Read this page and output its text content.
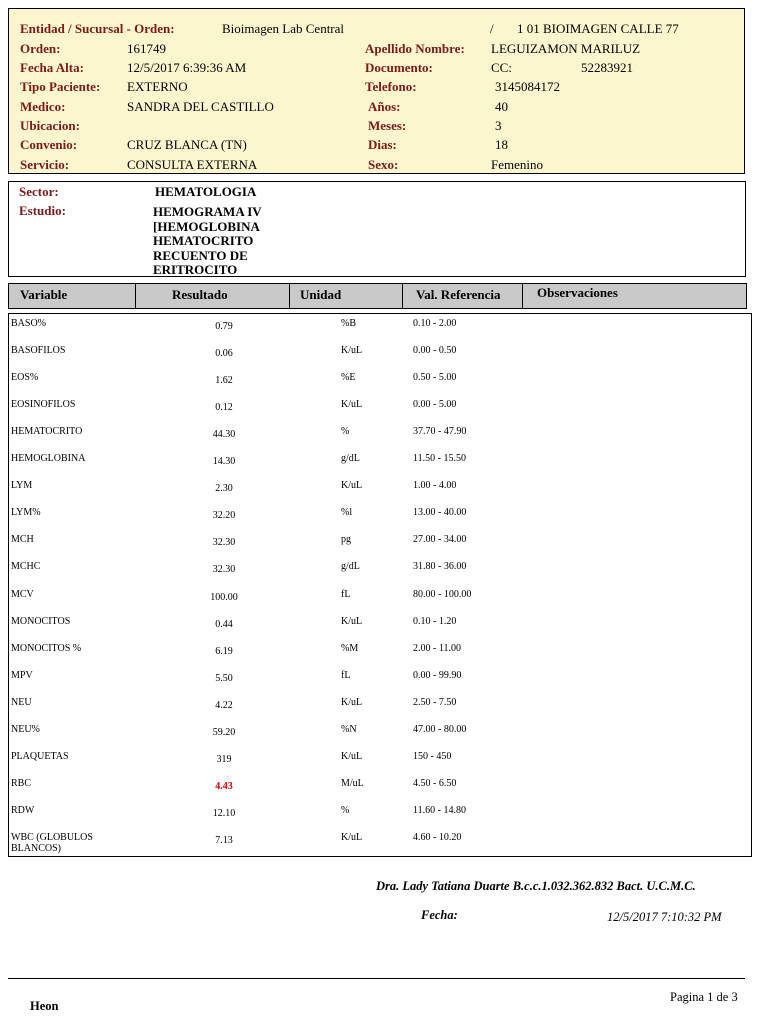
Entidad / Sucursal - Orden:	Bioimagen Lab Central	/ 1 01 BIOIMAGEN CALLE 77
Orden:	161749	Apellido Nombre: LEGUIZAMON MARILUZ
Fecha Alta:	12/5/2017 6:39:36 AM	Documento:	CC:	52283921
Tipo Paciente: EXTERNO	Telefono:	3145084172
Medico:	SANDRA DEL CASTILLO	Años:	40
Ubicacion:	Meses:	3
Convenio:	CRUZ BLANCA (TN)	Dias:	18
Servicio:	CONSULTA EXTERNA	Sexo:	Femenino
Sector:	HEMATOLOGIA
Estudio:	HEMOGRAMA IV
[HEMOGLOBINA
HEMATOCRITO
RECUENTO DE
ERITROCITO
Variable	Resultado	Unidad	Val. Referencia	Observaciones
BASO%	0.79	%B	0.10 - 2.00
BASOFILOS	0.06	K/uL	0.00 - 0.50
EOS%	1.62	%E	0.50 - 5.00
EOSINOFILOS	0.12	K/uL	0.00 - 5.00
HEMATOCRITO	44.30	%	37.70 - 47.90
HEMOGLOBINA	14.30	g/dL	11.50 - 15.50
LYM	2.30	K/uL	1.00 - 4.00
LYM%	32.20	%l	13.00 - 40.00
MCH	32.30	pg	27.00 - 34.00
MCHC	32.30	g/dL	31.80 - 36.00
MCV	100.00	fL	80.00 - 100.00
MONOCITOS	0.44	K/uL	0.10 - 1.20
MONOCITOS %	6.19	%M	2.00 - 11.00
MPV	5.50	fL	0.00 - 99.90
NEU	4.22	K/uL	2.50 - 7.50
NEU%	59.20	%N	47.00 - 80.00
PLAQUETAS	319	K/uL	150 - 450
RBC	4.43	M/uL	4.50 - 6.50
RDW	12.10	%	11.60 - 14.80
WBC (GLOBULOS BLANCOS)
7.13	K/uL	4.60 - 10.20
Dra. Lady Tatiana Duarte B.c.c.1.032.362.832 Bact. U.C.M.C.
Fecha:	12/5/2017 7:10:32 PM
Heon
Pagina 1 de 3
